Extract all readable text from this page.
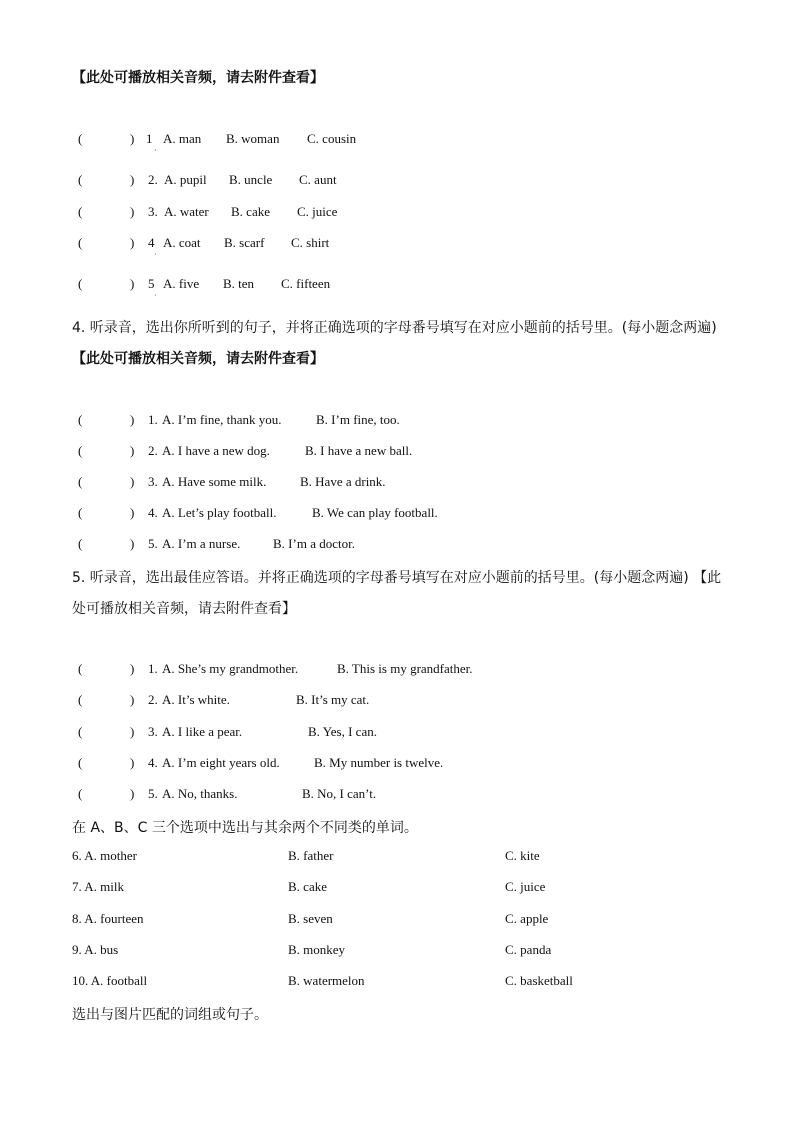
【此处可播放相关音频，请去附件查看】
(	) 1 A. man B. woman C. cousin
(	) 2. A. pupil B. uncle C. aunt
(	) 3. A. water B. cake C. juice
(	) 4 A. coat B. scarf C. shirt
·
(	) 5 A. five B. ten C. fifteen
·
·
4. 听录音，选出你所听到的句子，并将正确选项的字母番号填写在对应小题前的括号里。(每小题念两遍)
【此处可播放相关音频，请去附件查看】
(	) 1. A. I’m fine, thank you.	B. I’m fine, too.
(	) 2. A. I have a new dog.	B. I have a new ball.
(	) 3. A. Have some milk.	B. Have a drink.
(	) 4. A. Let’s play football.	B. We can play football.
(	) 5. A. I’m a nurse.	B. I’m a doctor.
5. 听录音，选出最佳应答语。并将正确选项的字母番号填写在对应小题前的括号里。(每小题念两遍) 【此
处可播放相关音频，请去附件查看】
(	) 1. A. She’s my grandmother.	B. This is my grandfather.
(	) 2. A. It’s white.	B. It’s my cat.
(	) 3. A. I like a pear.	B. Yes, I can.
(	) 4. A. I’m eight years old.	B. My number is twelve.
(	) 5. A. No, thanks.	B. No, I can’t.
在 A、B、C 三个选项中选出与其余两个不同类的单词。
6. A. mother	B. father	C. kite
7. A. milk	B. cake	C. juice
8. A. fourteen	B. seven	C. apple
9. A. bus	B. monkey	C. panda
10. A. football	B. watermelon	C. basketball
选出与图片匹配的词组或句子。
